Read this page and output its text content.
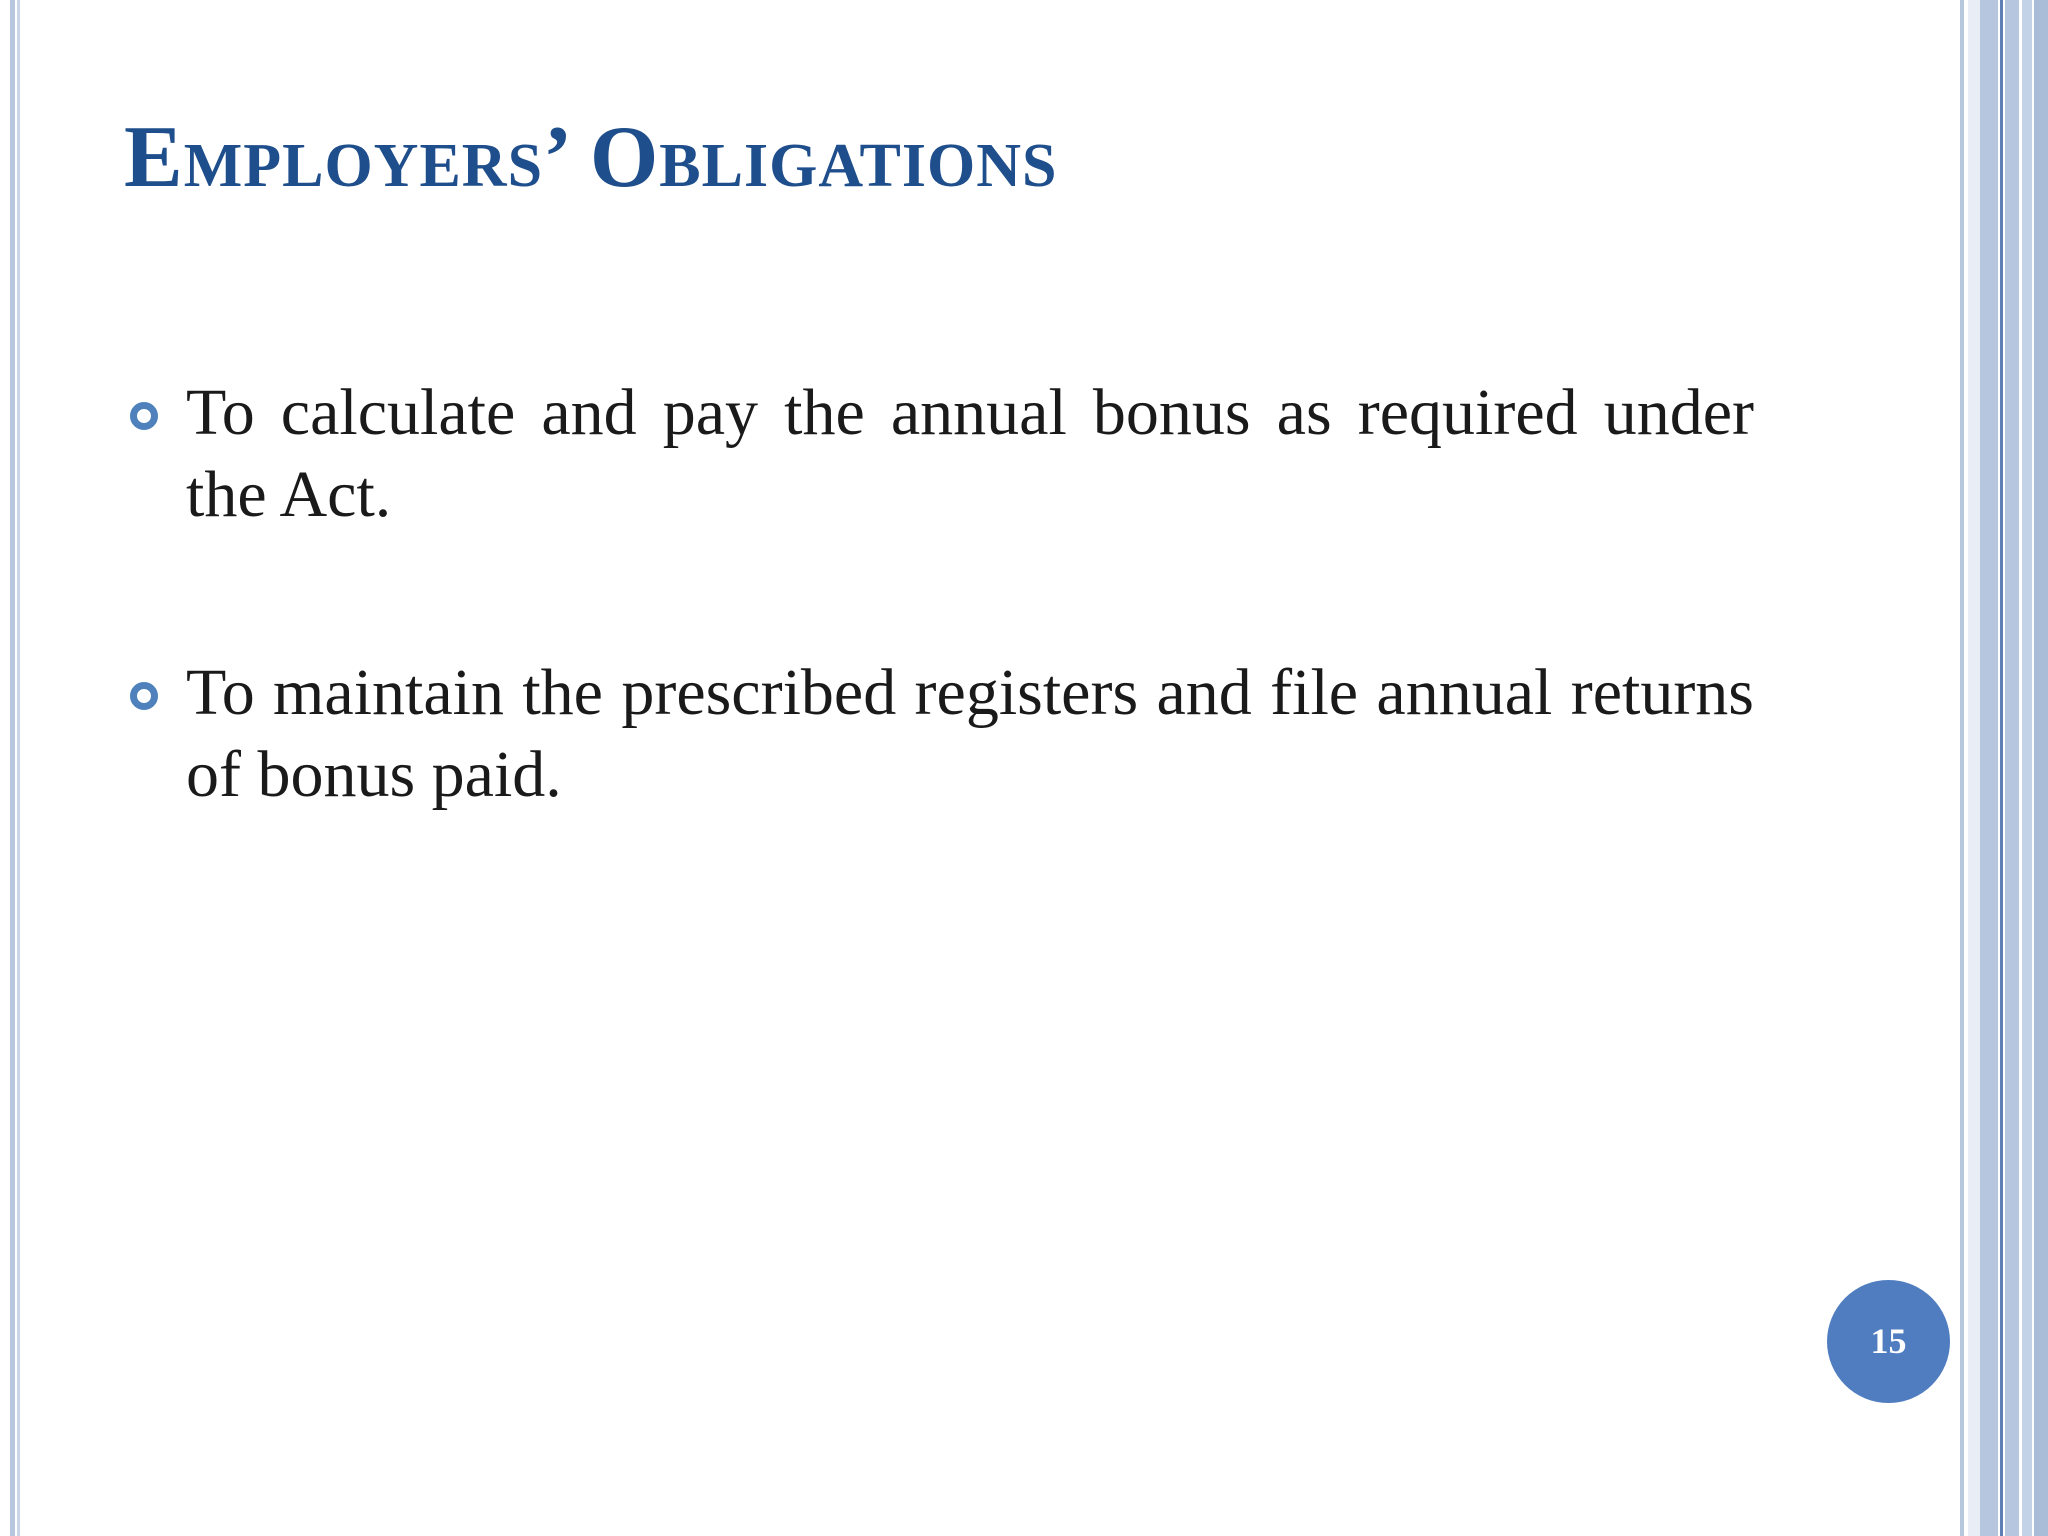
Employers’ Obligations
To calculate and pay the annual bonus as required under the Act.
To maintain the prescribed registers and file annual returns of bonus paid.
15
